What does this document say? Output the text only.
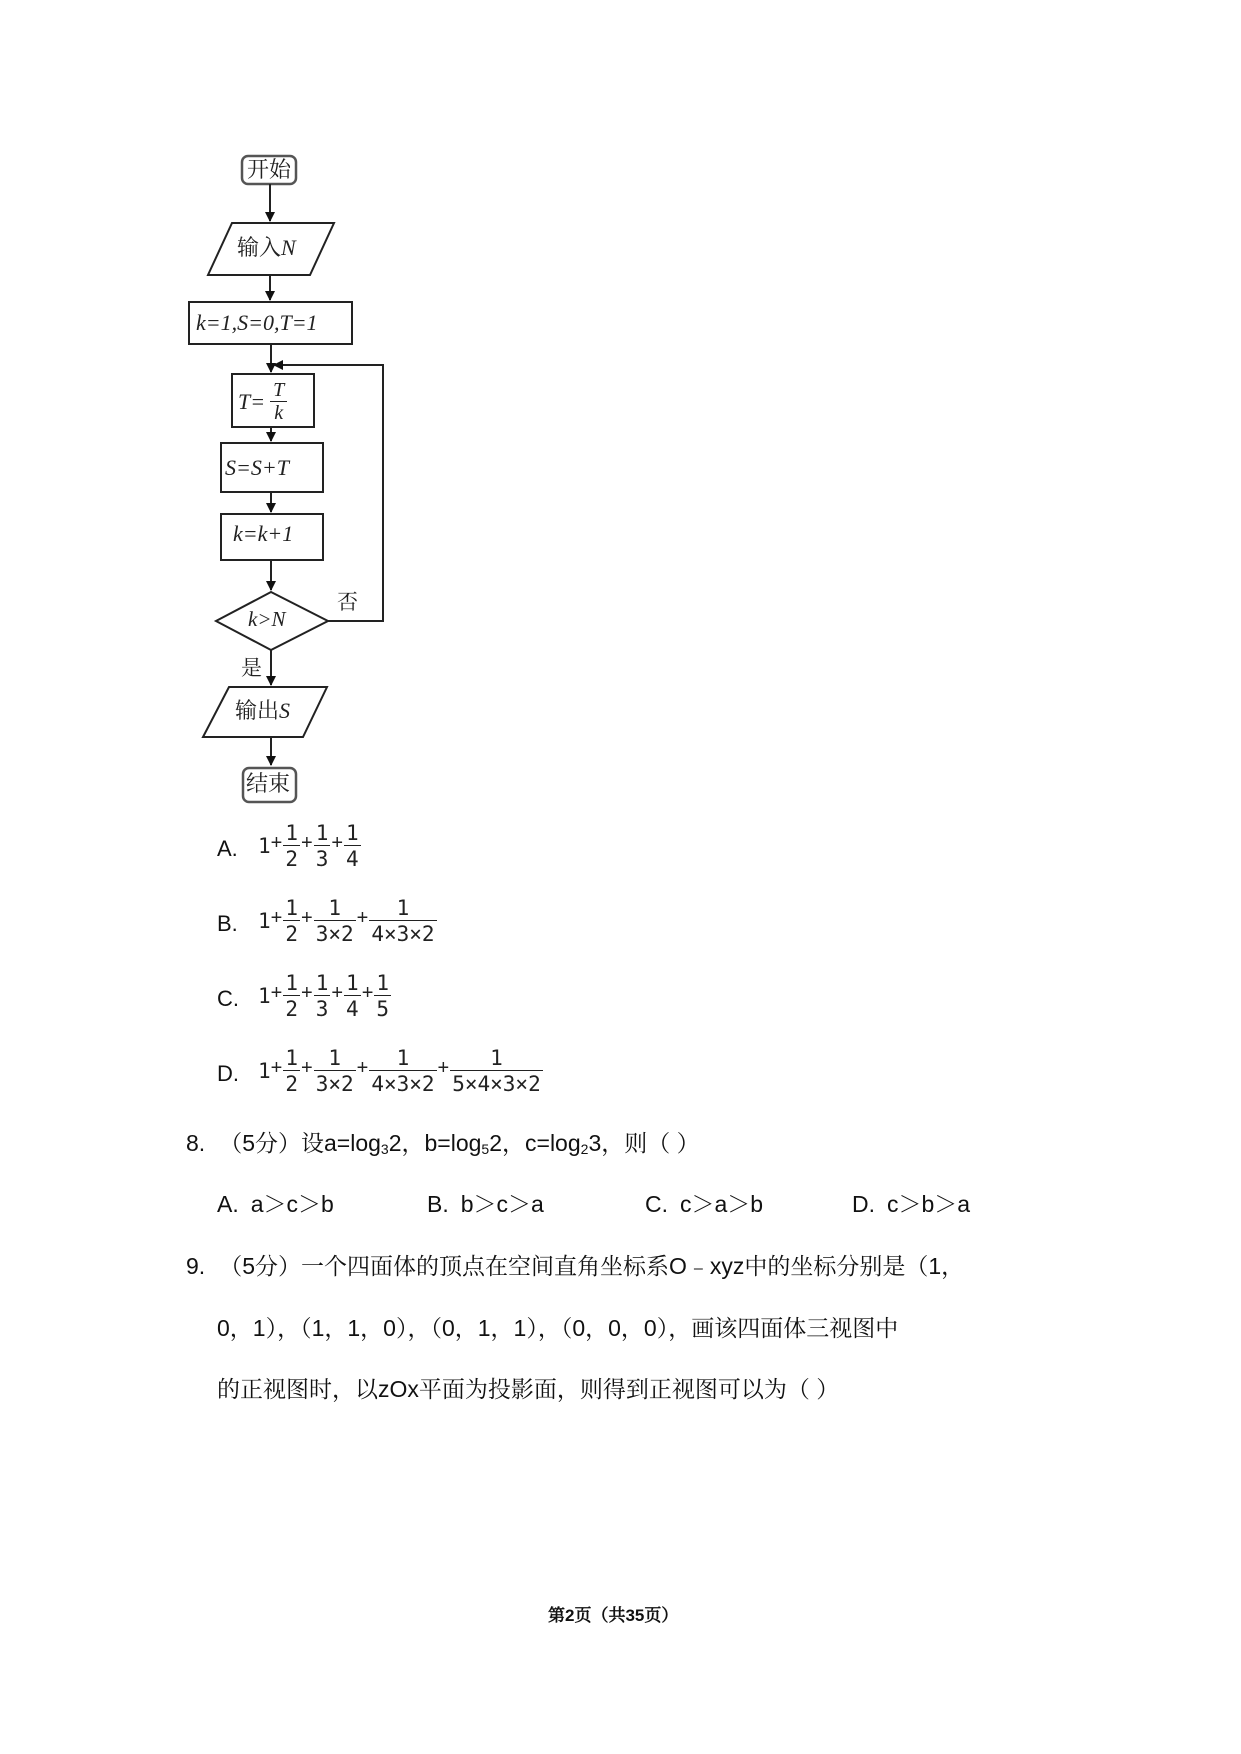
开始
输入N
k=1,S=0,T=1
$T= \frac{T}{k}$
S=S+T
k=k+1
k>N
否
是
输出S
结束
A. $1 + \frac{1}{2} + \frac{1}{3} + \frac{1}{4}$
B. $1 + \frac{1}{2} + \frac{1}{3\times 2} + \frac{1}{4\times 3\times 2}$
C. $1 + \frac{1}{2} + \frac{1}{3} + \frac{1}{4} + \frac{1}{5}$
D. $1 + \frac{1}{2} + \frac{1}{3\times 2} + \frac{1}{4\times 3\times 2} + \frac{1}{5\times 4\times 3\times 2}$
8. （5分）设$a=\log_32$，$b=\log_52$，$c=\log_23$，则（ ）
A. a＞c＞b	B. b＞c＞a	C. c＞a＞b	D. c＞b＞a
9. （5分）一个四面体的顶点在空间直角坐标系O﹣xyz中的坐标分别是（1，
0，1），（1，1，0），（0，1，1），（0，0，0），画该四面体三视图中
的正视图时，以zOx平面为投影面，则得到正视图可以为（ ）
第2页（共35页）
